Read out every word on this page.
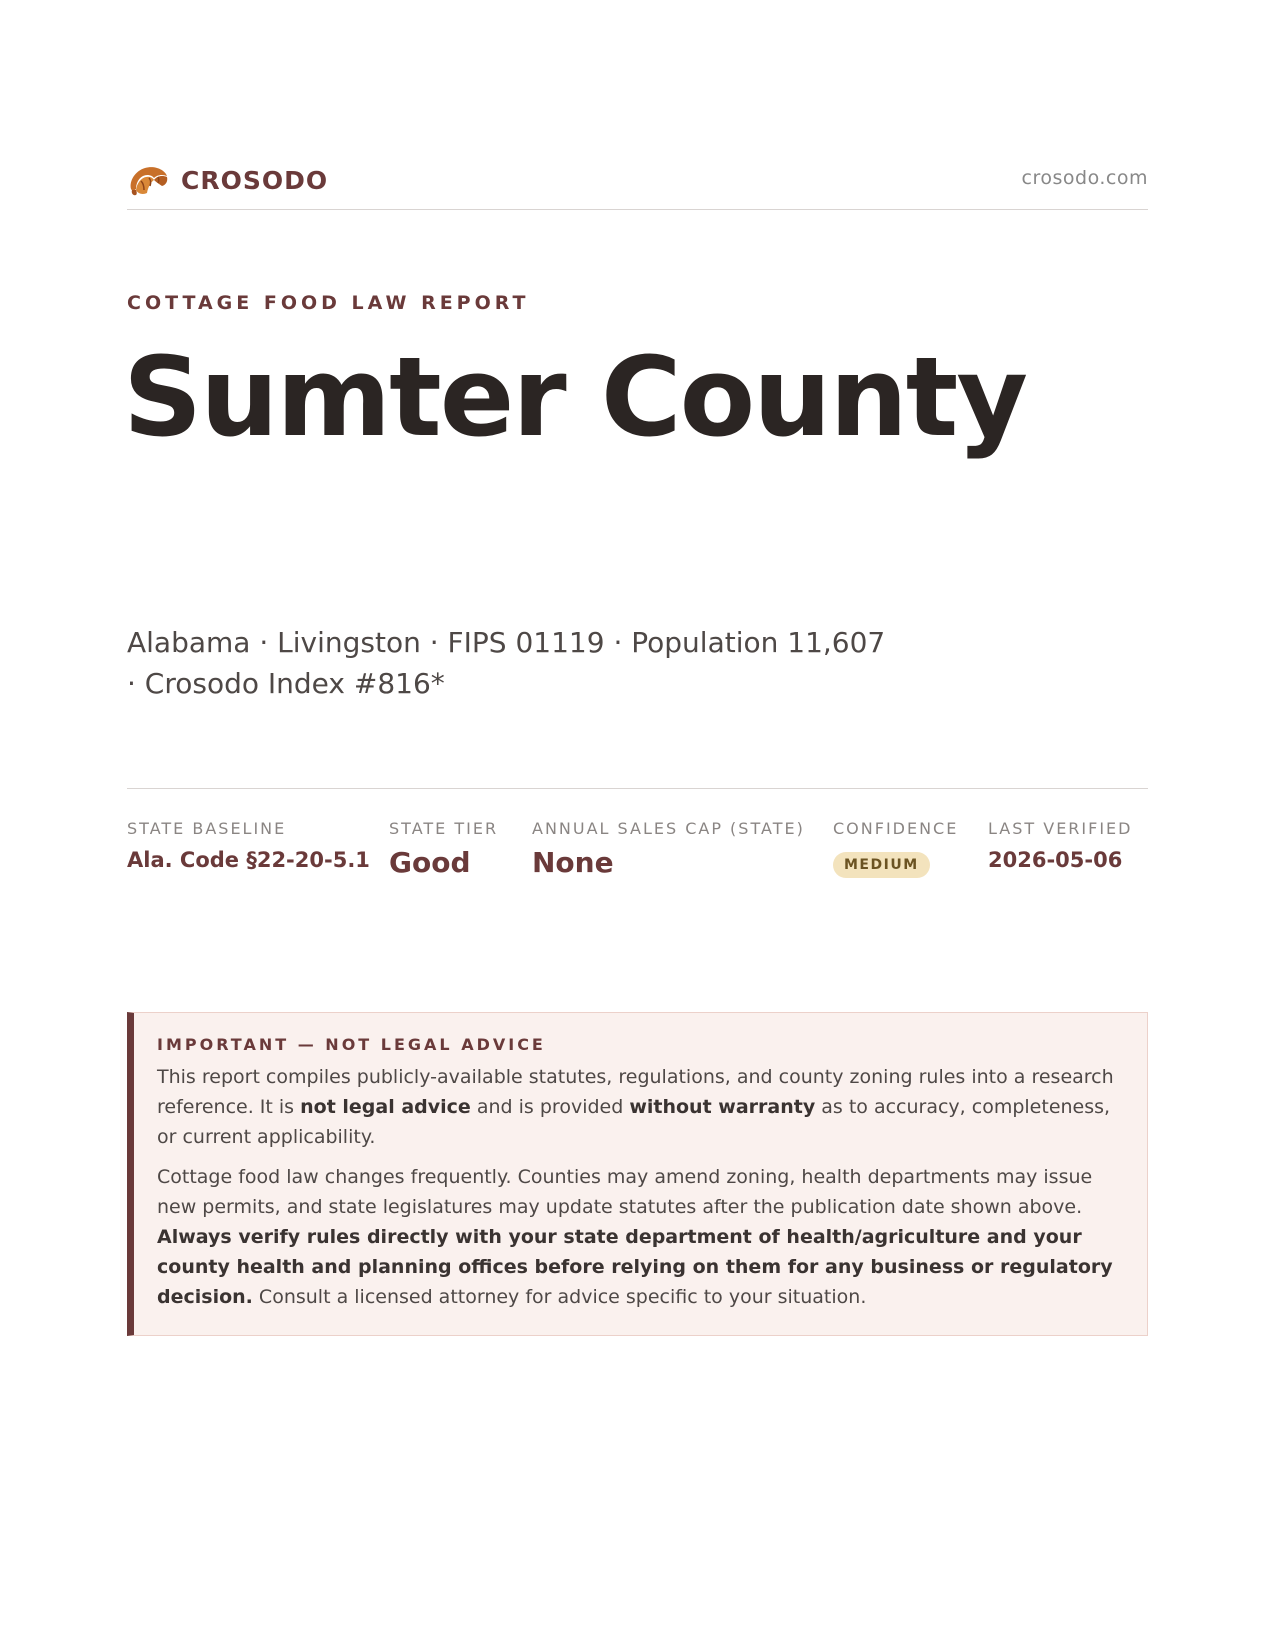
CROSODO	crosodo.com
COTTAGE FOOD LAW REPORT
Sumter County
Alabama · Livingston · FIPS 01119 · Population 11,607 · Crosodo Index #816*
STATE BASELINE
Ala. Code §22-20-5.1
STATE TIER
Good
ANNUAL SALES CAP (STATE)
None
CONFIDENCE
MEDIUM
LAST VERIFIED
2026-05-06
IMPORTANT — NOT LEGAL ADVICE

This report compiles publicly-available statutes, regulations, and county zoning rules into a research reference. It is not legal advice and is provided without warranty as to accuracy, completeness, or current applicability.

Cottage food law changes frequently. Counties may amend zoning, health departments may issue new permits, and state legislatures may update statutes after the publication date shown above. Always verify rules directly with your state department of health/agriculture and your county health and planning offices before relying on them for any business or regulatory decision. Consult a licensed attorney for advice specific to your situation.
